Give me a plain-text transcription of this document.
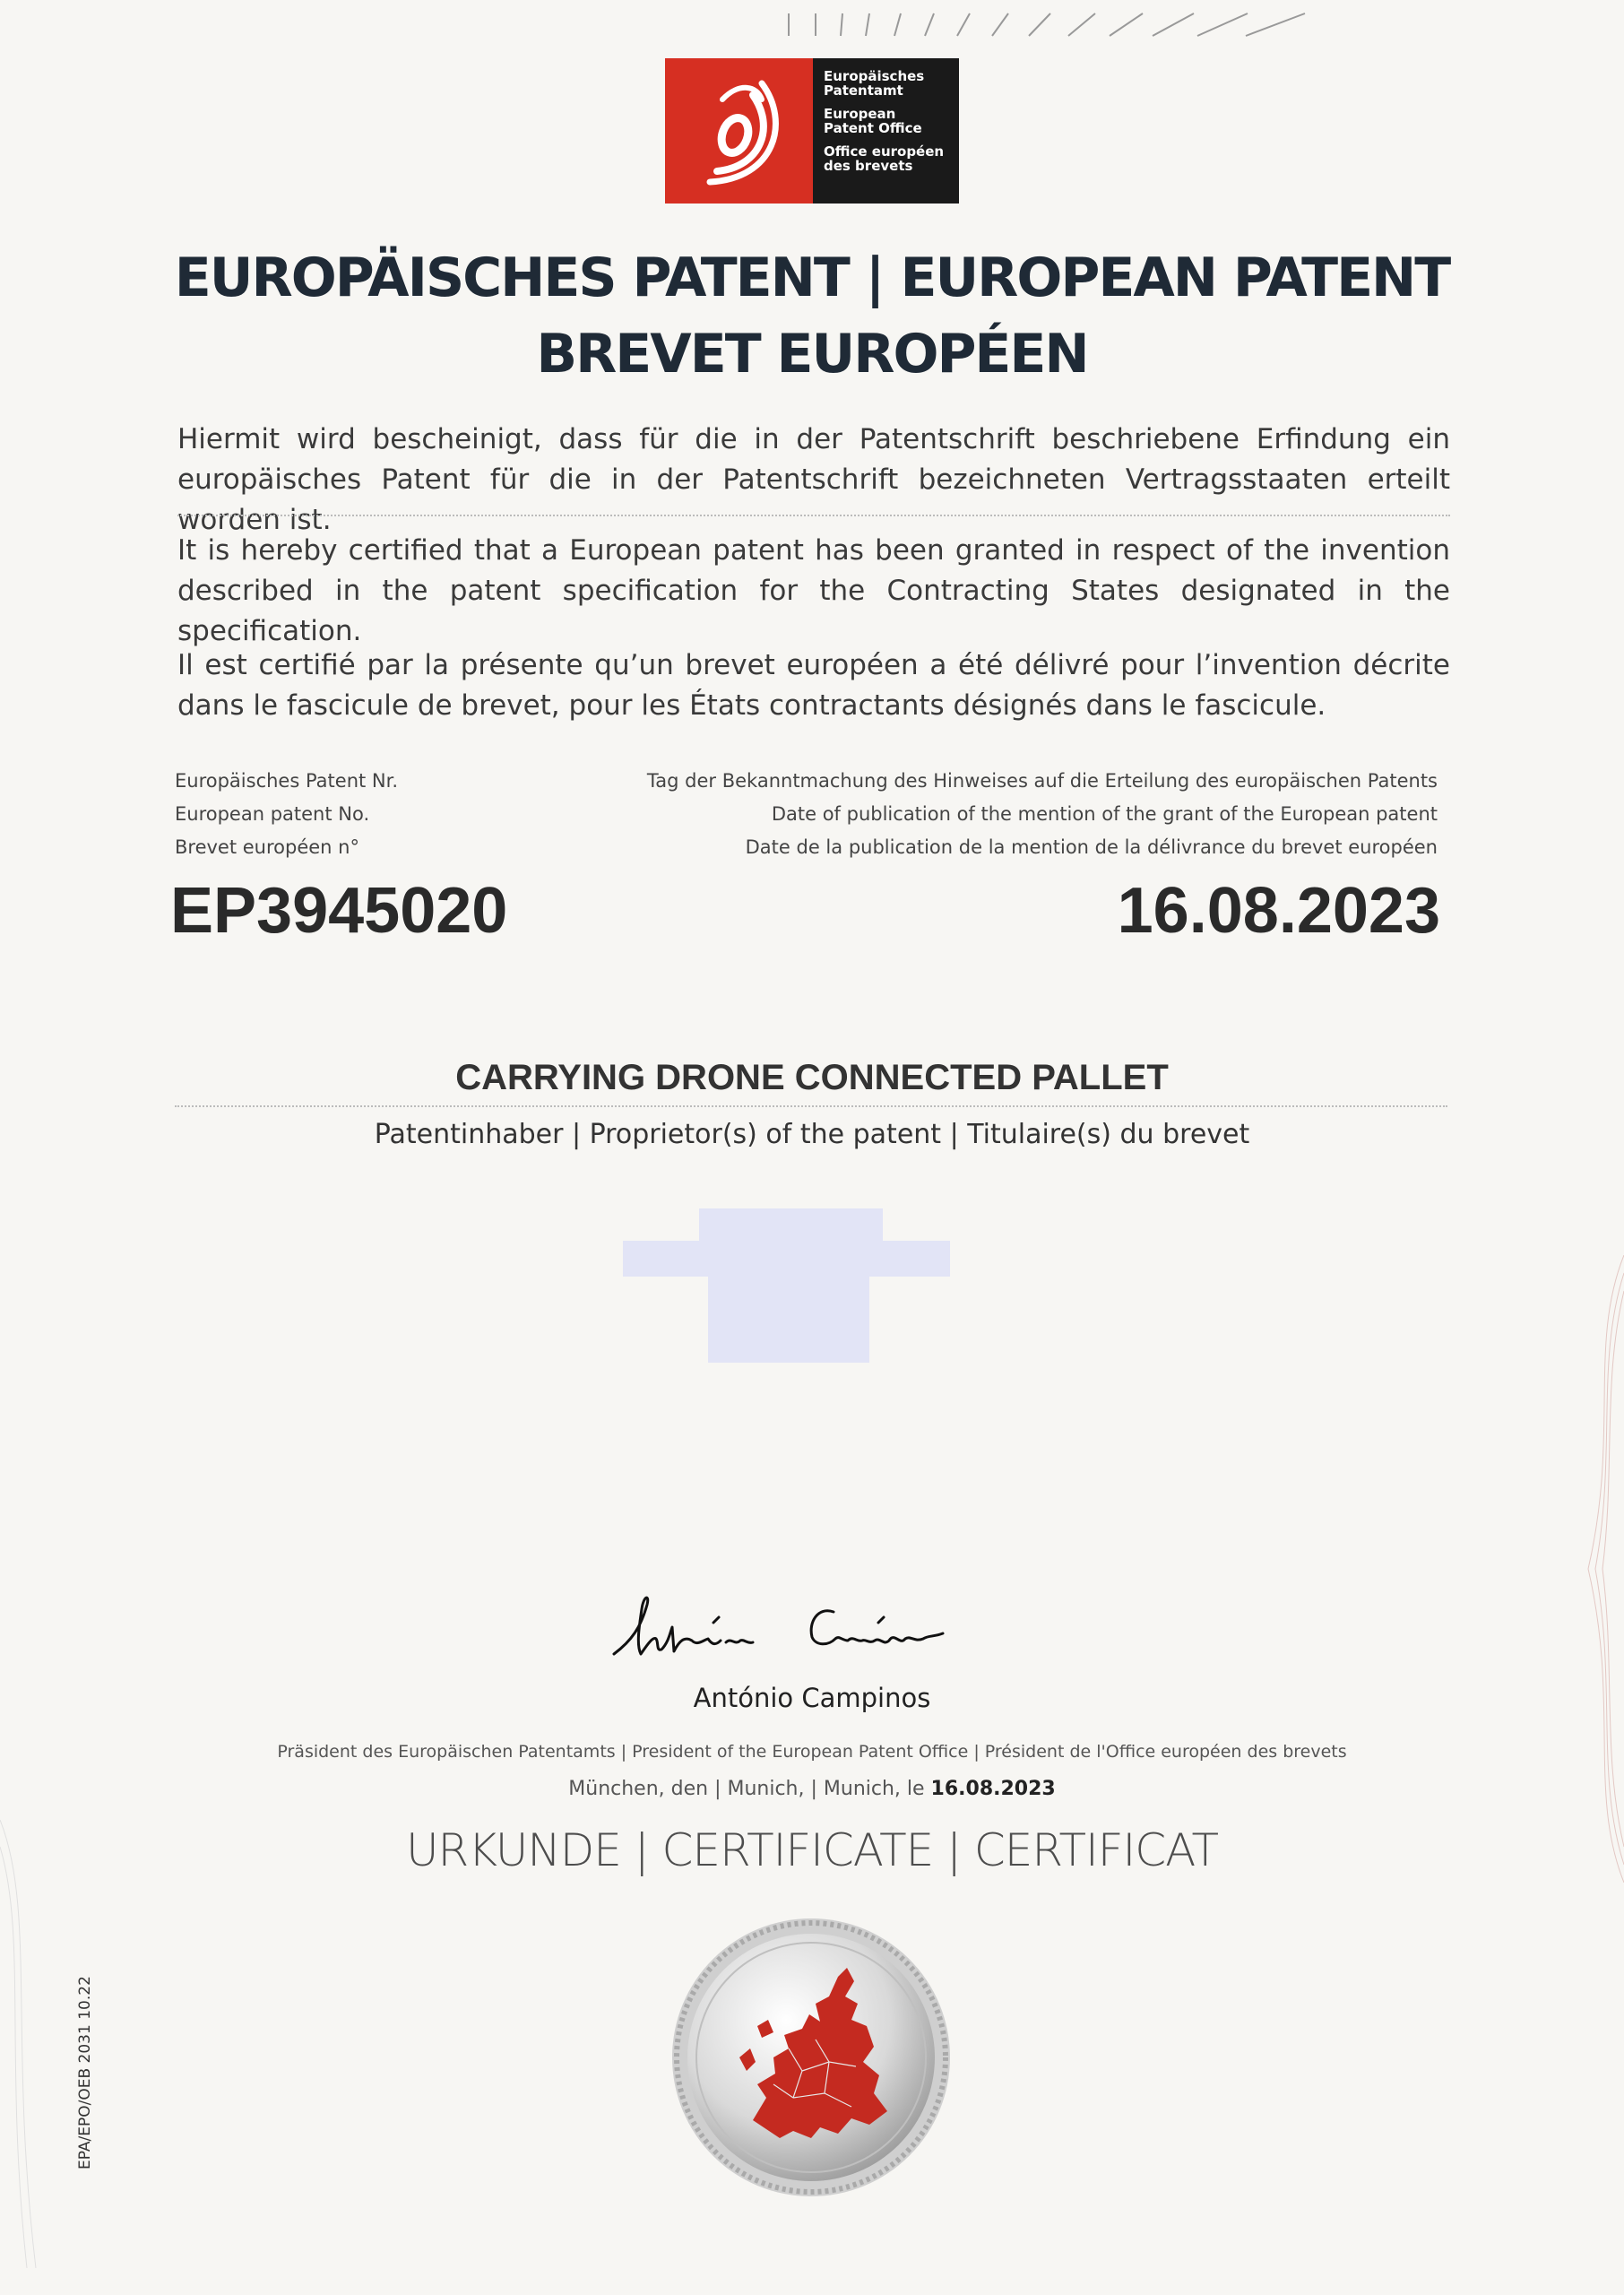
Europäisches
Patentamt
European
Patent Office
Office européen
des brevets
EUROPÄISCHES PATENT | EUROPEAN PATENT
BREVET EUROPÉEN
Hiermit wird bescheinigt, dass für die in der Patentschrift beschriebene Erfindung ein europäisches Patent für die in der Patentschrift bezeichneten Vertragsstaaten erteilt worden ist.
It is hereby certified that a European patent has been granted in respect of the invention described in the patent specification for the Contracting States designated in the specification.
Il est certifié par la présente qu’un brevet européen a été délivré pour l’invention décrite dans le fascicule de brevet, pour les États contractants désignés dans le fascicule.
Europäisches Patent Nr.
European patent No.
Brevet européen n°
Tag der Bekanntmachung des Hinweises auf die Erteilung des europäischen Patents
Date of publication of the mention of the grant of the European patent
Date de la publication de la mention de la délivrance du brevet européen
EP3945020	16.08.2023
CARRYING DRONE CONNECTED PALLET
Patentinhaber | Proprietor(s) of the patent | Titulaire(s) du brevet
António Campinos
Präsident des Europäischen Patentamts | President of the European Patent Office | Président de l'Office européen des brevets
München, den | Munich, | Munich, le 16.08.2023
URKUNDE | CERTIFICATE | CERTIFICAT
EPA/EPO/OEB 2031 10.22
